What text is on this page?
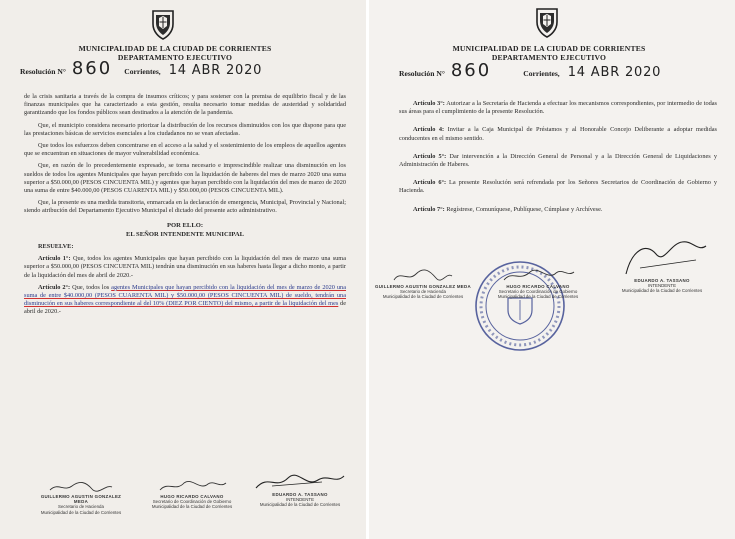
MUNICIPALIDAD DE LA CIUDAD DE CORRIENTES
DEPARTAMENTO EJECUTIVO
Resolución N° 860 Corrientes, 14 ABR 2020

de la crisis sanitaria a través de la compra de insumos críticos; y para sostener con la premisa de equilibrio fiscal y de las finanzas municipales que ha caracterizado a esta gestión, resulta necesario tomar medidas de austeridad y solidaridad garantizando que los fondos públicos sean destinados a la atención de la pandemia.

Que, el municipio considera necesario priorizar la distribución de los recursos disminuidos con los que dispone para que las prestaciones básicas de servicios esenciales a los ciudadanos no se vean afectadas.

Que todos los esfuerzos deben concentrarse en el acceso a la salud y el sostenimiento de los empleos de aquellos agentes que se encuentran en situaciones de mayor vulnerabilidad económica.

Que, en razón de lo precedentemente expresado, se torna necesario e imprescindible realizar una disminución en los sueldos de todos los agentes Municipales que hayan percibido con la liquidación de haberes del mes de marzo 2020 una suma superior a $50.000,00 (PESOS CINCUENTA MIL) y agentes que hayan percibido con la liquidación del mes de marzo de 2020 una suma de entre $40.000,00 (PESOS CUARENTA MIL) y $50.000,00 (PESOS CINCUENTA MIL).

Que, la presente es una medida transitoria, enmarcada en la declaración de emergencia, Municipal, Provincial y Nacional; siendo atribución del Departamento Ejecutivo Municipal el dictado del presente acto administrativo.

POR ELLO:

EL SEÑOR INTENDENTE MUNICIPAL

RESUELVE:

Artículo 1°: Que, todos los agentes Municipales que hayan percibido con la liquidación del mes de marzo una suma superior a $50.000,00 (PESOS CINCUENTA MIL) tendrán una disminución en sus haberes hasta llegar a dicho monto, a partir de la liquidación del mes de abril de 2020.-

Artículo 2°: Que, todos los agentes Municipales que hayan percibido con la liquidación del mes de marzo de 2020 una suma de entre $40.000,00 (PESOS CUARENTA MIL) y $50.000,00 (PESOS CINCUENTA MIL) de sueldo, tendrán una disminución en sus haberes correspondiente al del 10% (DIEZ POR CIENTO) del mismo, a partir de la liquidación del mes de abril de 2020.-

GUILLERMO AGUSTIN GONZALEZ MEDA
Secretario de Hacienda
Municipalidad de la Ciudad de Corrientes
HUGO RICARDO CALVANO
Secretario de Coordinación de Gobierno
Municipalidad de la Ciudad de Corrientes
EDUARDO A. TASSANO
INTENDENTE
Municipalidad de la Ciudad de Corrientes
MUNICIPALIDAD DE LA CIUDAD DE CORRIENTES
DEPARTAMENTO EJECUTIVO
Resolución N° 860	Corrientes, 14 ABR 2020

Artículo 3°: Autorizar a la Secretaría de Hacienda a efectuar los mecanismos correspondientes, por intermedio de todas sus áreas para el cumplimiento de la presente Resolución.

Artículo 4: Invitar a la Caja Municipal de Préstamos y al Honorable Concejo Deliberante a adoptar medidas conducentes en el mismo sentido.

Artículo 5°: Dar intervención a la Dirección General de Personal y a la Dirección General de Liquidaciones y Administración de Haberes.

Artículo 6°: La presente Resolución será refrendada por los Señores Secretarios de Coordinación de Gobierno y Hacienda.

Artículo 7°: Regístrese, Comuníquese, Publíquese, Cúmplase y Archívese.

GUILLERMO AGUSTIN GONZALEZ MEDA
Secretario de Hacienda
Municipalidad de la Ciudad de Corrientes
HUGO RICARDO CALVANO
Secretario de Coordinación de Gobierno
Municipalidad de la Ciudad de Corrientes
EDUARDO A. TASSANO
INTENDENTE
Municipalidad de la Ciudad de Corrientes
